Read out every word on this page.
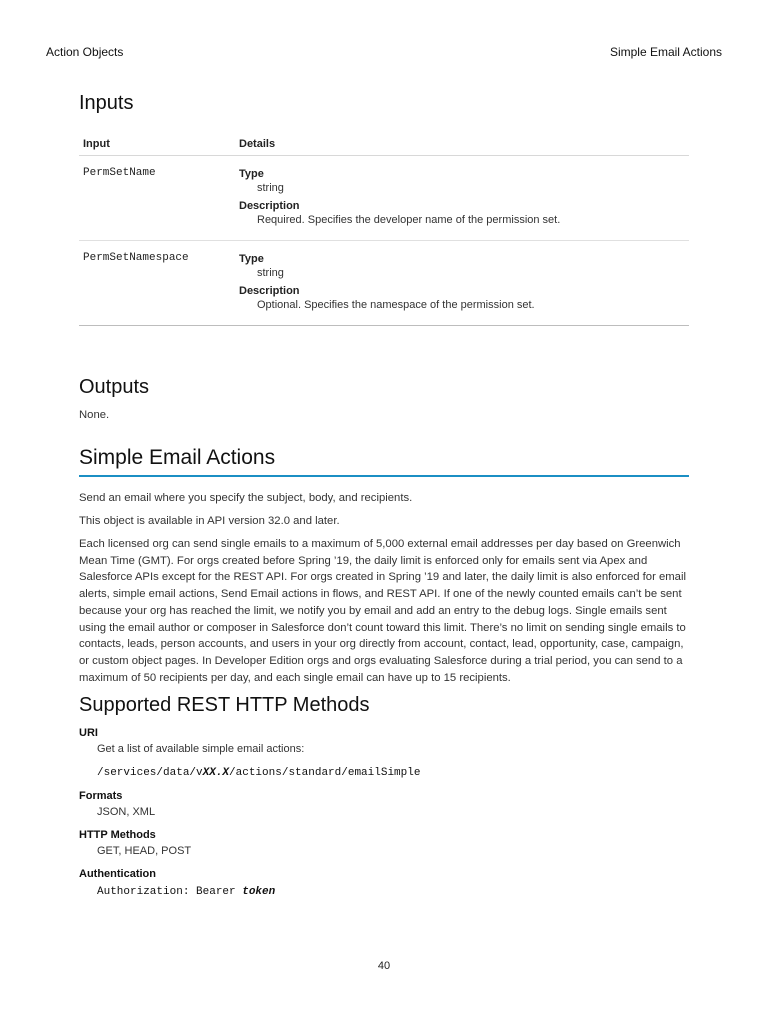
Action Objects	Simple Email Actions
Inputs
Input	Details
PermSetName	Type
string
Description
Required. Specifies the developer name of the permission set.

PermSetNamespace	Type
string
Description
Optional. Specifies the namespace of the permission set.
Outputs

None.

Simple Email Actions

Send an email where you specify the subject, body, and recipients.

This object is available in API version 32.0 and later.

Each licensed org can send single emails to a maximum of 5,000 external email addresses per day based on Greenwich Mean Time (GMT). For orgs created before Spring ’19, the daily limit is enforced only for emails sent via Apex and Salesforce APIs except for the REST API. For orgs created in Spring ’19 and later, the daily limit is also enforced for email alerts, simple email actions, Send Email actions in flows, and REST API. If one of the newly counted emails can’t be sent because your org has reached the limit, we notify you by email and add an entry to the debug logs. Single emails sent using the email author or composer in Salesforce don’t count toward this limit. There’s no limit on sending single emails to contacts, leads, person accounts, and users in your org directly from account, contact, lead, opportunity, case, campaign, or custom object pages. In Developer Edition orgs and orgs evaluating Salesforce during a trial period, you can send to a maximum of 50 recipients per day, and each single email can have up to 15 recipients.

Supported REST HTTP Methods
URI
Get a list of available simple email actions:
/services/data/vXX.X/actions/standard/emailSimple
Formats
JSON, XML
HTTP Methods
GET, HEAD, POST
Authentication
Authorization: Bearer token
40
